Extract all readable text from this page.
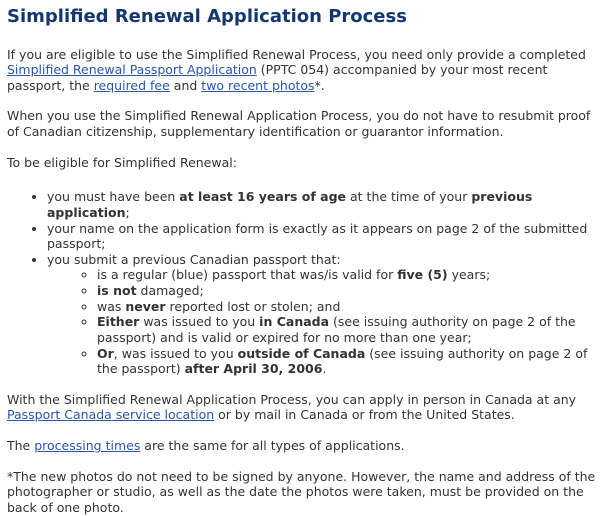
Simplified Renewal Application Process

If you are eligible to use the Simplified Renewal Process, you need only provide a completed Simplified Renewal Passport Application (PPTC 054) accompanied by your most recent passport, the required fee and two recent photos*.

When you use the Simplified Renewal Application Process, you do not have to resubmit proof of Canadian citizenship, supplementary identification or guarantor information.

To be eligible for Simplified Renewal:

• you must have been at least 16 years of age at the time of your previous application;
• your name on the application form is exactly as it appears on page 2 of the submitted passport;
• you submit a previous Canadian passport that:
◦ is a regular (blue) passport that was/is valid for five (5) years;
◦ is not damaged;
◦ was never reported lost or stolen; and
◦ Either was issued to you in Canada (see issuing authority on page 2 of the passport) and is valid or expired for no more than one year;
◦ Or, was issued to you outside of Canada (see issuing authority on page 2 of the passport) after April 30, 2006.

With the Simplified Renewal Application Process, you can apply in person in Canada at any Passport Canada service location or by mail in Canada or from the United States.

The processing times are the same for all types of applications.

*The new photos do not need to be signed by anyone. However, the name and address of the photographer or studio, as well as the date the photos were taken, must be provided on the back of one photo.
